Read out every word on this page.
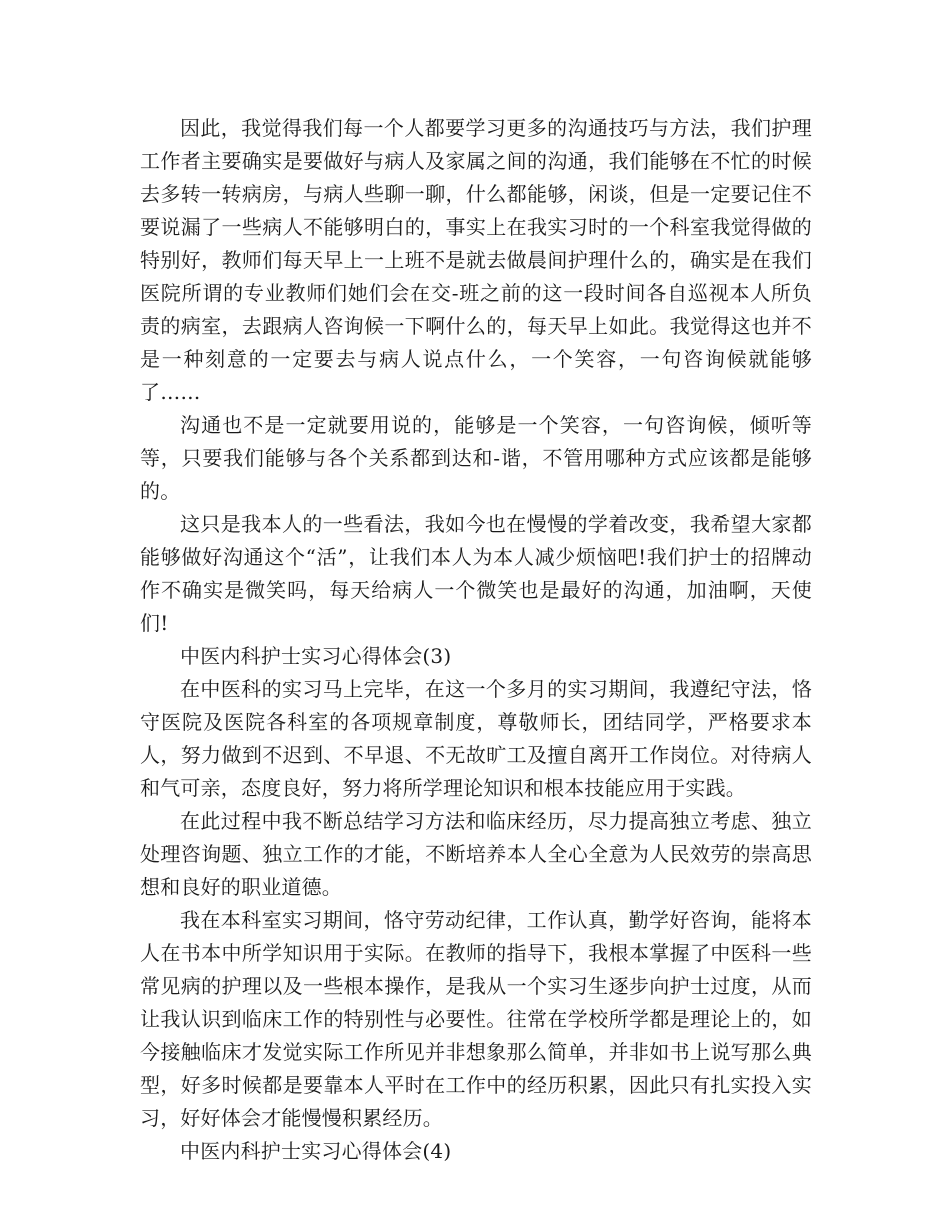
因此，我觉得我们每一个人都要学习更多的沟通技巧与方法，我们护理工作者主要确实是要做好与病人及家属之间的沟通，我们能够在不忙的时候去多转一转病房，与病人些聊一聊，什么都能够，闲谈，但是一定要记住不要说漏了一些病人不能够明白的，事实上在我实习时的一个科室我觉得做的特别好，教师们每天早上一上班不是就去做晨间护理什么的，确实是在我们医院所谓的专业教师们她们会在交-班之前的这一段时间各自巡视本人所负责的病室，去跟病人咨询候一下啊什么的，每天早上如此。我觉得这也并不是一种刻意的一定要去与病人说点什么，一个笑容，一句咨询候就能够了……

沟通也不是一定就要用说的，能够是一个笑容，一句咨询候，倾听等等，只要我们能够与各个关系都到达和-谐，不管用哪种方式应该都是能够的。

这只是我本人的一些看法，我如今也在慢慢的学着改变，我希望大家都能够做好沟通这个“活”，让我们本人为本人减少烦恼吧!我们护士的招牌动作不确实是微笑吗，每天给病人一个微笑也是最好的沟通，加油啊，天使们!

中医内科护士实习心得体会(3)

在中医科的实习马上完毕，在这一个多月的实习期间，我遵纪守法，恪守医院及医院各科室的各项规章制度，尊敬师长，团结同学，严格要求本人，努力做到不迟到、不早退、不无故旷工及擅自离开工作岗位。对待病人和气可亲，态度良好，努力将所学理论知识和根本技能应用于实践。

在此过程中我不断总结学习方法和临床经历，尽力提高独立考虑、独立处理咨询题、独立工作的才能，不断培养本人全心全意为人民效劳的崇高思想和良好的职业道德。

我在本科室实习期间，恪守劳动纪律，工作认真，勤学好咨询，能将本人在书本中所学知识用于实际。在教师的指导下，我根本掌握了中医科一些常见病的护理以及一些根本操作，是我从一个实习生逐步向护士过度，从而让我认识到临床工作的特别性与必要性。往常在学校所学都是理论上的，如今接触临床才发觉实际工作所见并非想象那么简单，并非如书上说写那么典型，好多时候都是要靠本人平时在工作中的经历积累，因此只有扎实投入实习，好好体会才能慢慢积累经历。

中医内科护士实习心得体会(4)
